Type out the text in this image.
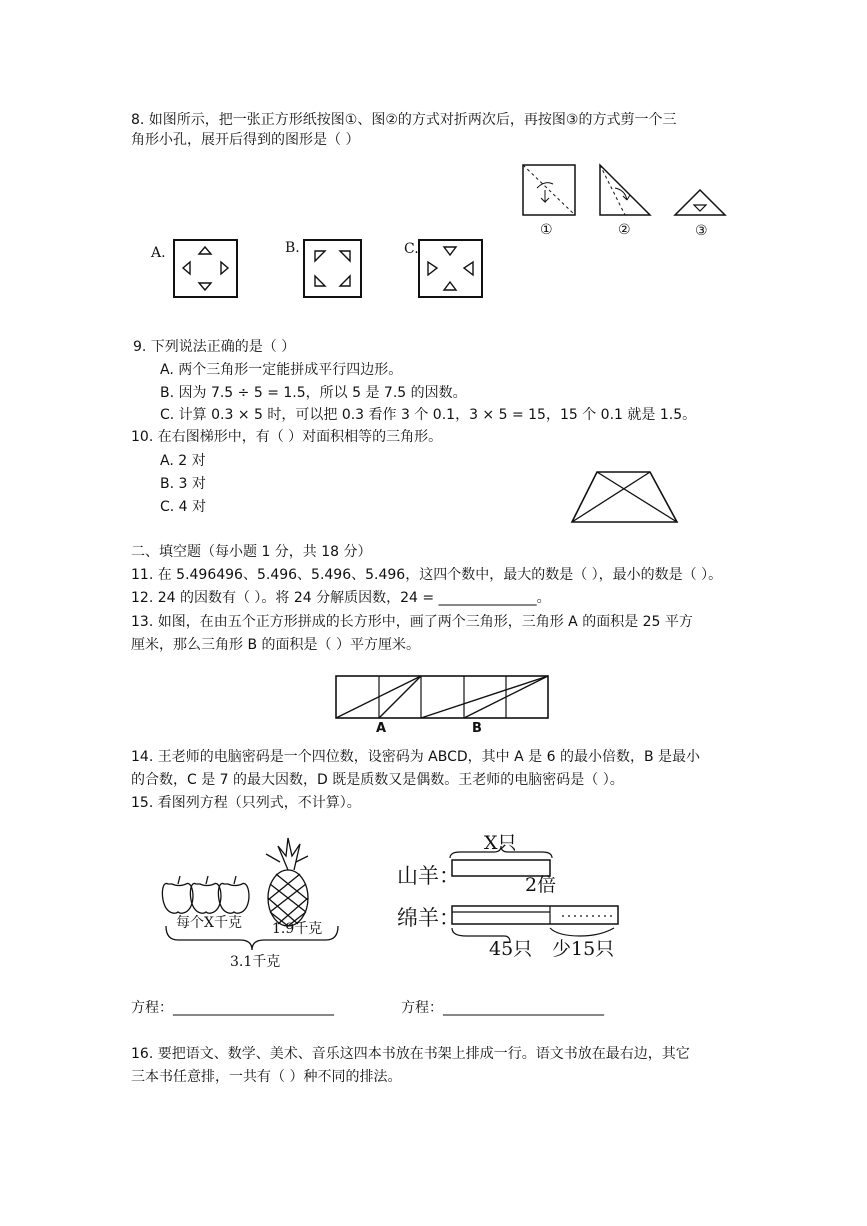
8. 如图所示，把一张正方形纸按图①、图②的方式对折两次后，再按图③的方式剪一个三
角形小孔，展开后得到的图形是（ ）
①	②	③
A.	B.	C.
9. 下列说法正确的是（ ）
A. 两个三角形一定能拼成平行四边形。
B. 因为 7.5 ÷ 5 = 1.5，所以 5 是 7.5 的因数。
C. 计算 0.3 × 5 时，可以把 0.3 看作 3 个 0.1，3 × 5 = 15，15 个 0.1 就是 1.5。
10. 在右图梯形中，有（ ）对面积相等的三角形。
A. 2 对
B. 3 对
C. 4 对
二、填空题（每小题 1 分，共 18 分）
11. 在 5.496496、5.496、5.496、5.496，这四个数中，最大的数是（ ），最小的数是（ ）。
12. 24 的因数有（ ）。将 24 分解质因数，24 = ______________。
13. 如图，在由五个正方形拼成的长方形中，画了两个三角形，三角形 A 的面积是 25 平方
厘米，那么三角形 B 的面积是（ ）平方厘米。
A	B
14. 王老师的电脑密码是一个四位数，设密码为 ABCD，其中 A 是 6 的最小倍数，B 是最小
的合数，C 是 7 的最大因数，D 既是质数又是偶数。王老师的电脑密码是（ ）。
15. 看图列方程（只列式，不计算）。
每个X千克 1.9千克
3.1千克
X只
山羊：	2倍
绵羊：
45只 少15只
方程：_______________________	方程：_______________________
16. 要把语文、数学、美术、音乐这四本书放在书架上排成一行。语文书放在最右边，其它
三本书任意排，一共有（ ）种不同的排法。
